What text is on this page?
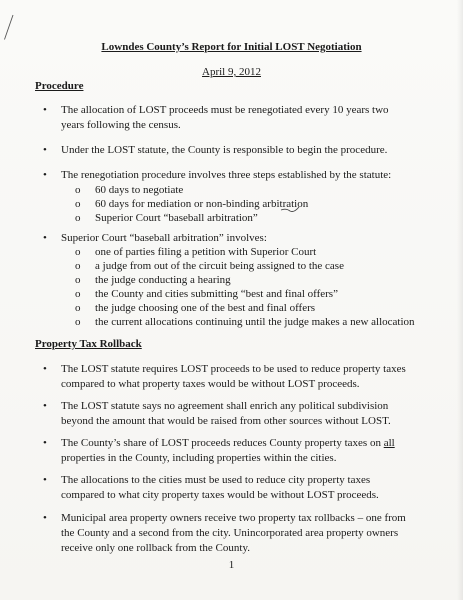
Lowndes County’s Report for Initial LOST Negotiation
April 9, 2012
Procedure
• The allocation of LOST proceeds must be renegotiated every 10 years two
years following the census.
• Under the LOST statute, the County is responsible to begin the procedure.
• The renegotiation procedure involves three steps established by the statute:
o 60 days to negotiate
o 60 days for mediation or non-binding arbitration
o Superior Court “baseball arbitration”
• Superior Court “baseball arbitration” involves:
o one of parties filing a petition with Superior Court
o a judge from out of the circuit being assigned to the case
o the judge conducting a hearing
o the County and cities submitting “best and final offers”
o the judge choosing one of the best and final offers
o the current allocations continuing until the judge makes a new allocation
Property Tax Rollback
• The LOST statute requires LOST proceeds to be used to reduce property taxes
compared to what property taxes would be without LOST proceeds.
• The LOST statute says no agreement shall enrich any political subdivision
beyond the amount that would be raised from other sources without LOST.
• The County’s share of LOST proceeds reduces County property taxes on all
properties in the County, including properties within the cities.
• The allocations to the cities must be used to reduce city property taxes
compared to what city property taxes would be without LOST proceeds.
• Municipal area property owners receive two property tax rollbacks – one from
the County and a second from the city. Unincorporated area property owners
receive only one rollback from the County.
1
